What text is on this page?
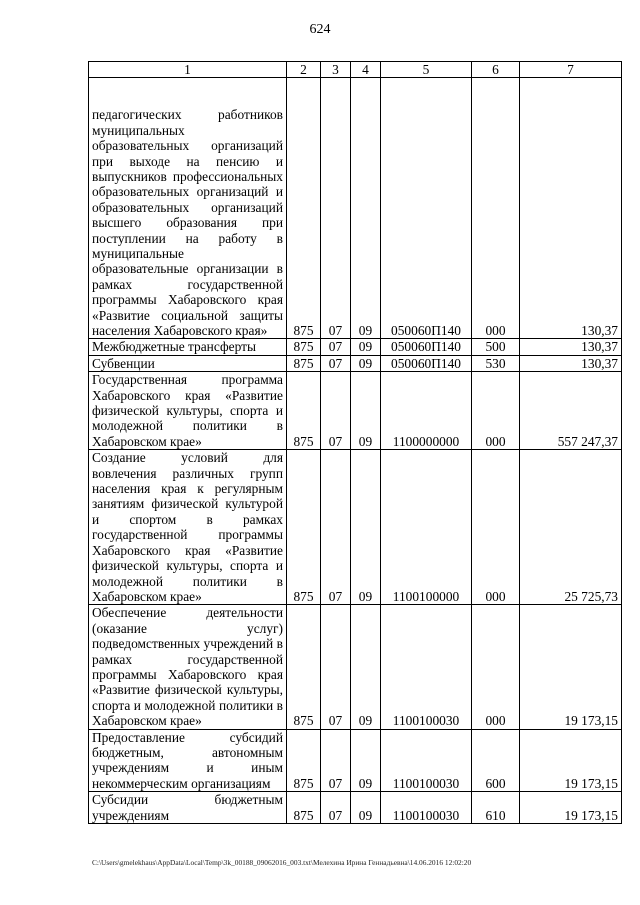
624
1	2	3	4	5	6	7
педагогических работников муниципальных образовательных организаций при выходе на пенсию и выпускников профессиональных образовательных организаций и образовательных организаций высшего образования при поступлении на работу в муниципальные образовательные организации в рамках государственной программы Хабаровского края «Развитие социальной защиты населения Хабаровского края»	875	07	09	050060П140	000	130,37
Межбюджетные трансферты	875	07	09	050060П140	500	130,37
Субвенции	875	07	09	050060П140	530	130,37
Государственная программа Хабаровского края «Развитие физической культуры, спорта и молодежной политики в Хабаровском крае»	875	07	09	1100000000	000	557 247,37
Создание условий для вовлечения различных групп населения края к регулярным занятиям физической культурой и спортом в рамках государственной программы Хабаровского края «Развитие физической культуры, спорта и молодежной политики в Хабаровском крае»	875	07	09	1100100000	000	25 725,73
Обеспечение деятельности (оказание услуг) подведомственных учреждений в рамках государственной программы Хабаровского края «Развитие физической культуры, спорта и молодежной политики в Хабаровском крае»	875	07	09	1100100030	000	19 173,15
Предоставление субсидий бюджетным, автономным учреждениям и иным некоммерческим организациям	875	07	09	1100100030	600	19 173,15
Субсидии бюджетным учреждениям	875	07	09	1100100030	610	19 173,15
C:\Users\gmelekhaus\AppData\Local\Temp\3k_00188_09062016_003.txt\Мелехина Ирина Геннадьевна\14.06.2016 12:02:20
